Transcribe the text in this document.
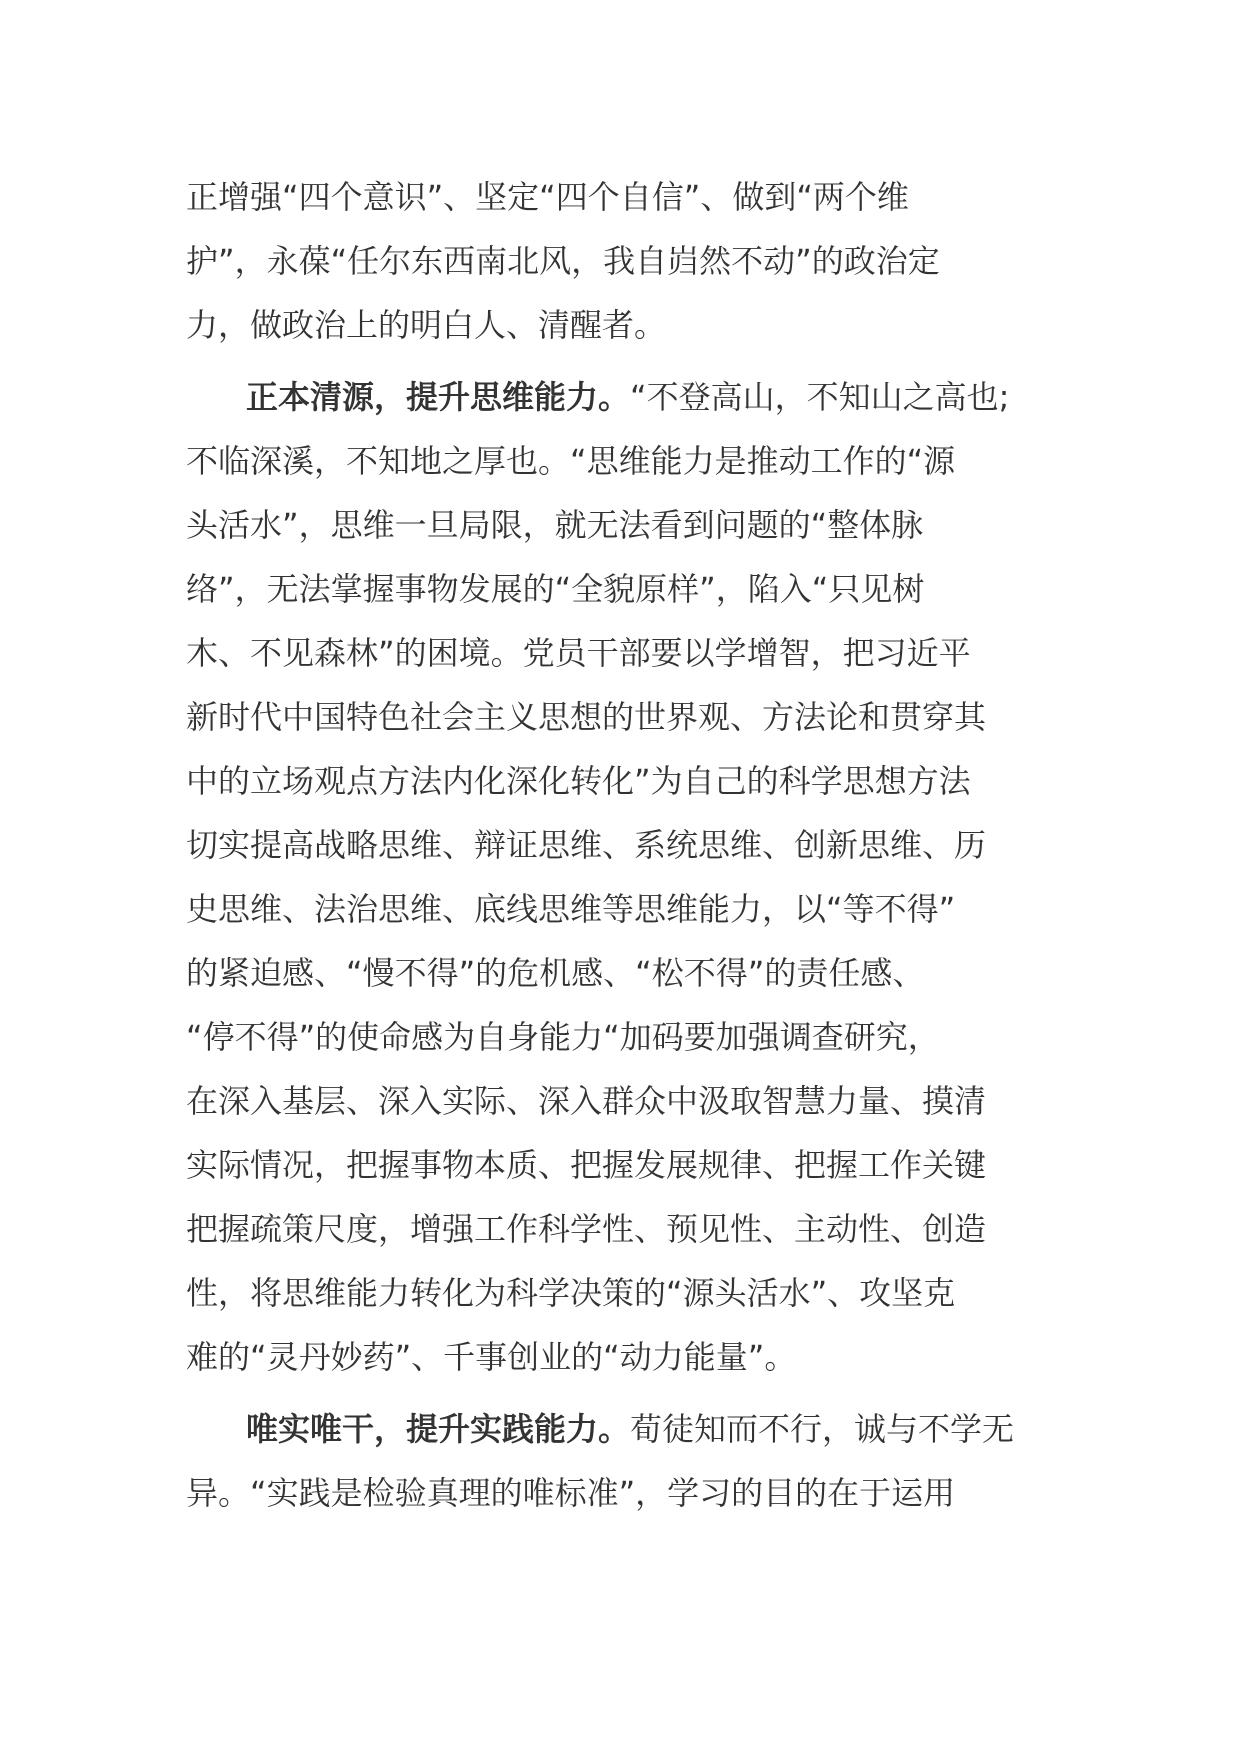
正增强“四个意识”、坚定“四个自信”、做到“两个维
护”，永葆“任尔东西南北风，我自岿然不动”的政治定
力，做政治上的明白人、清醒者。
正本清源，提升思维能力。“不登高山，不知山之高也;
不临深溪，不知地之厚也。“思维能力是推动工作的“源
头活水”，思维一旦局限，就无法看到问题的“整体脉
络”，无法掌握事物发展的“全貌原样”，陷入“只见树
木、不见森林”的困境。党员干部要以学增智，把习近平
新时代中国特色社会主义思想的世界观、方法论和贯穿其
中的立场观点方法内化深化转化”为自己的科学思想方法
切实提高战略思维、辩证思维、系统思维、创新思维、历
史思维、法治思维、底线思维等思维能力，以“等不得”
的紧迫感、“慢不得”的危机感、“松不得”的责任感、
“停不得”的使命感为自身能力“加码要加强调查研究，
在深入基层、深入实际、深入群众中汲取智慧力量、摸清
实际情况，把握事物本质、把握发展规律、把握工作关键
把握疏策尺度，增强工作科学性、预见性、主动性、创造
性，将思维能力转化为科学决策的“源头活水”、攻坚克
难的“灵丹妙药”、千事创业的“动力能量”。
唯实唯干，提升实践能力。荀徒知而不行，诚与不学无
异。“实践是检验真理的唯标准”，学习的目的在于运用
